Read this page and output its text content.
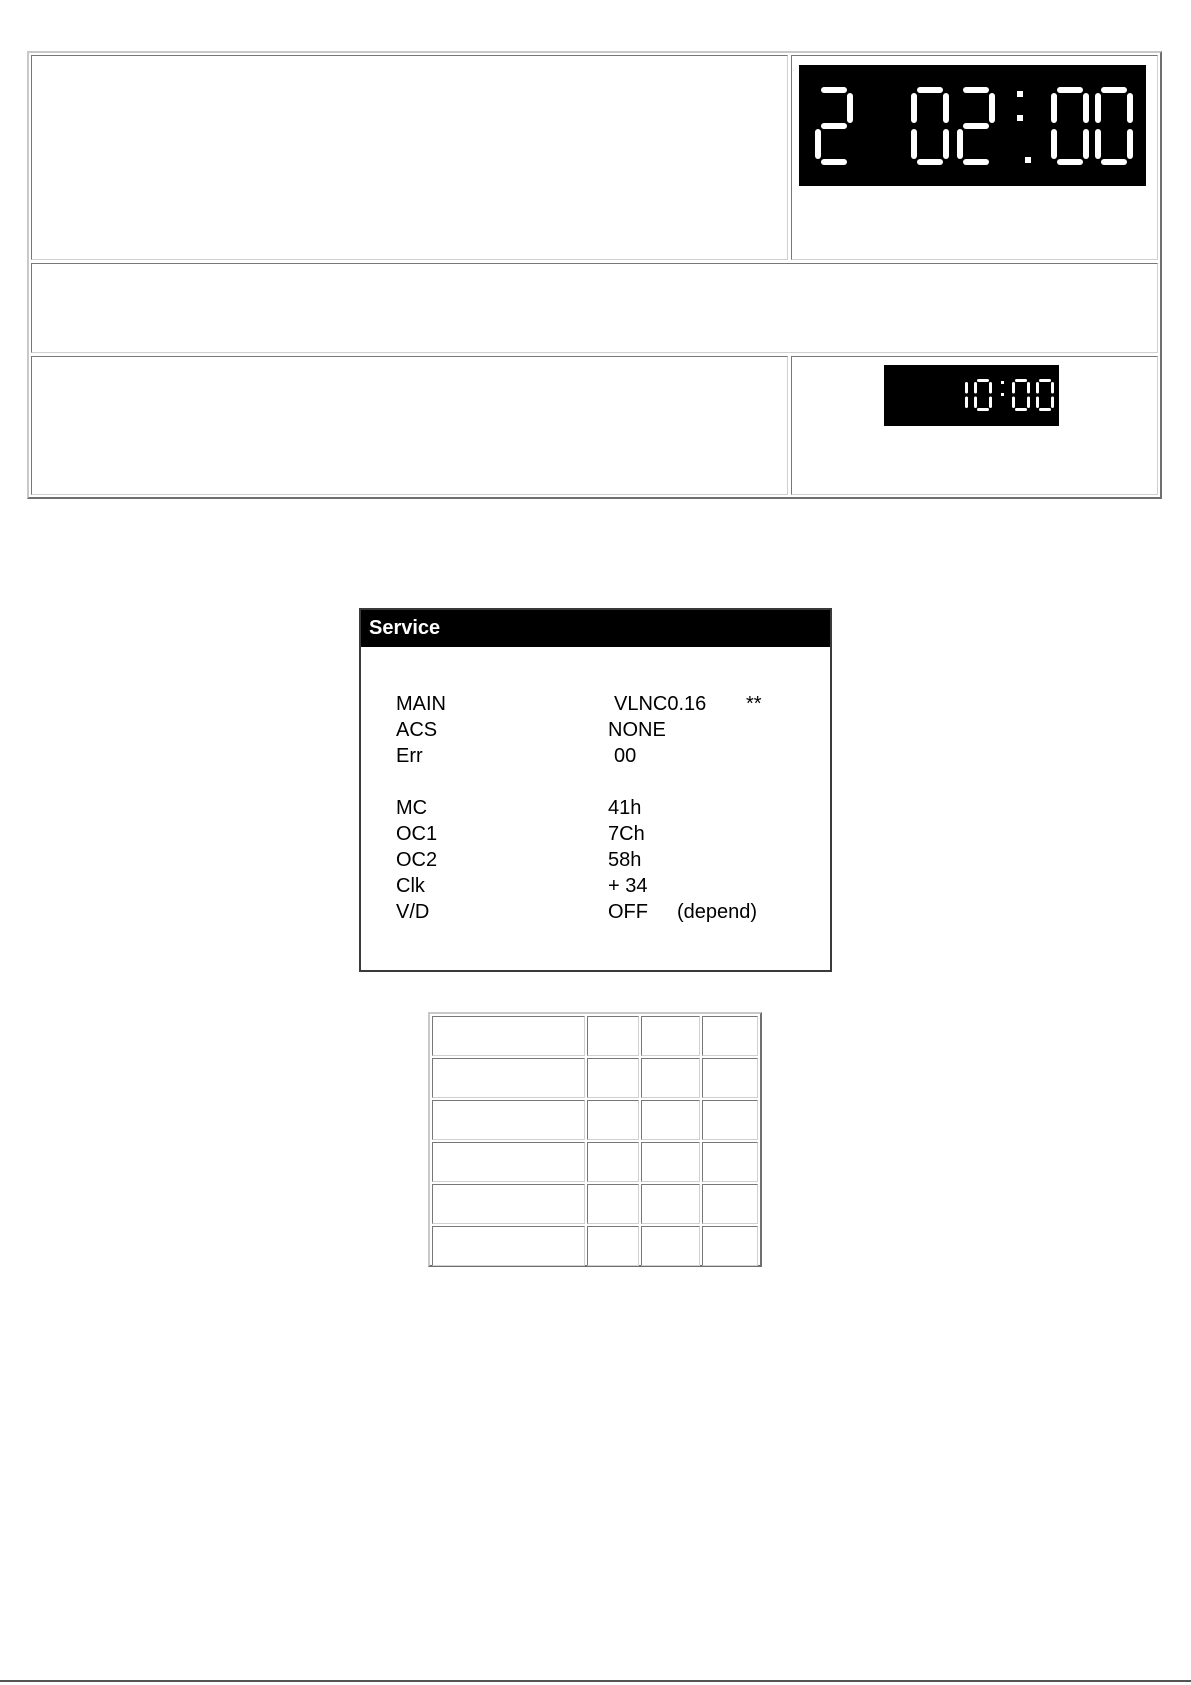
Service
MAIN	VLNC0.16 **
ACS	NONE
Err	00
MC	41h
OC1	7Ch
OC2	58h
Clk	+ 34
V/D	OFF (depend)
